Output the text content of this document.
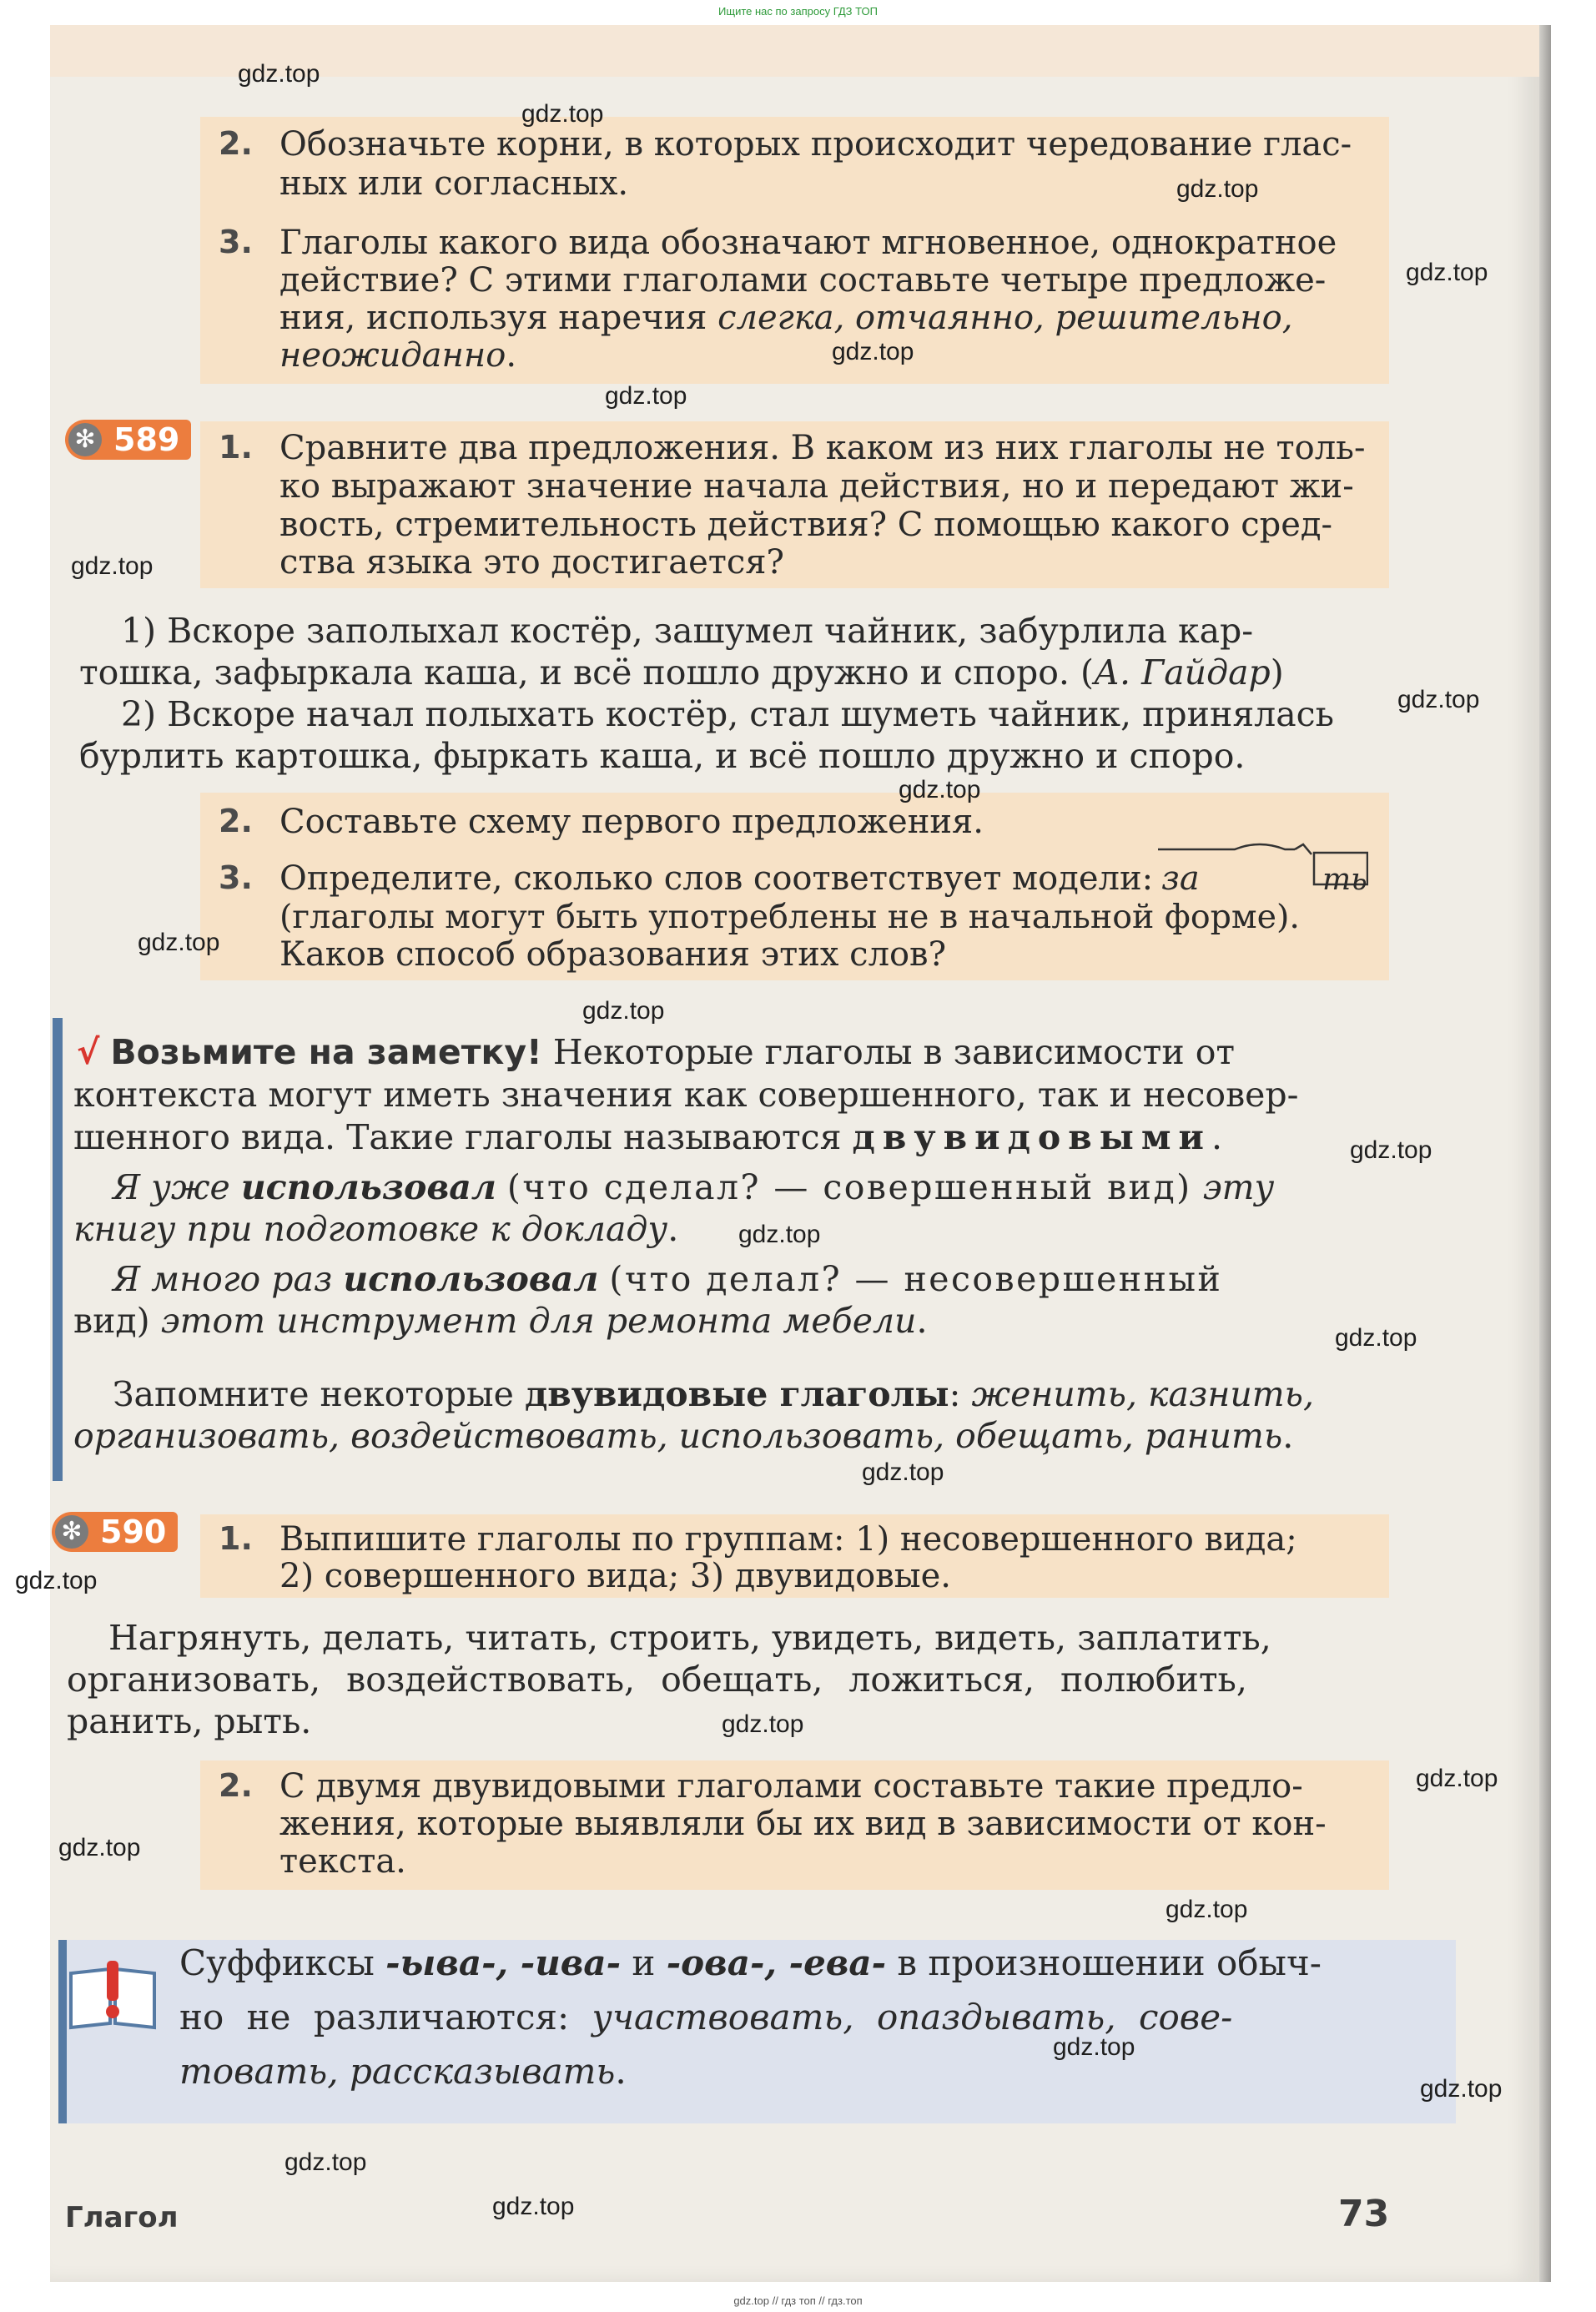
Ищите нас по запросу ГДЗ ТОП
2. Обозначьте корни, в которых происходит чередование глас-
ных или согласных.
3. Глаголы какого вида обозначают мгновенное, однократное
действие? С этими глаголами составьте четыре предложе-
ния, используя наречия слегка, отчаянно, решительно,
неожиданно.
✻ 589	1. Сравните два предложения. В каком из них глаголы не толь-
ко выражают значение начала действия, но и передают жи-
вость, стремительность действия? С помощью какого сред-
ства языка это достигается?
1) Вскоре заполыхал костёр, зашумел чайник, забурлила кар-
тошка, зафыркала каша, и всё пошло дружно и споро. (А. Гайдар)
2) Вскоре начал полыхать костёр, стал шуметь чайник, принялась
бурлить картошка, фыркать каша, и всё пошло дружно и споро.
2. Составьте схему первого предложения.
3. Определите, сколько слов соответствует модели: за	ть
(глаголы могут быть употреблены не в начальной форме).
Каков способ образования этих слов?
√ Возьмите на заметку! Некоторые глаголы в зависимости от
контекста могут иметь значения как совершенного, так и несовер-
шенного вида. Такие глаголы называются двувидовыми.
Я уже использовал (что сделал? — совершенный вид) эту
книгу при подготовке к докладу.
Я много раз использовал (что делал? — несовершенный
вид) этот инструмент для ремонта мебели.
Запомните некоторые двувидовые глаголы: женить, казнить,
организовать, воздействовать, использовать, обещать, ранить.
✻ 590	1. Выпишите глаголы по группам: 1) несовершенного вида;
2) совершенного вида; 3) двувидовые.
Нагрянуть, делать, читать, строить, увидеть, видеть, заплатить,
организовать, воздействовать, обещать, ложиться, полюбить,
ранить, рыть.
2. С двумя двувидовыми глаголами составьте такие предло-
жения, которые выявляли бы их вид в зависимости от кон-
текста.
Суффиксы -ыва-, -ива- и -ова-, -ева- в произношении обыч-
но не различаются: участвовать, опаздывать, сове-
товать, рассказывать.
Глагол	73
gdz.top
gdz.top
gdz.top
gdz.top
gdz.top
gdz.top
gdz.top
gdz.top
gdz.top
gdz.top
gdz.top
gdz.top
gdz.top
gdz.top
gdz.top
gdz.top
gdz.top
gdz.top
gdz.top
gdz.top
gdz.top
gdz.top
gdz.top
gdz.top
gdz.top // гдз топ // гдз.топ
